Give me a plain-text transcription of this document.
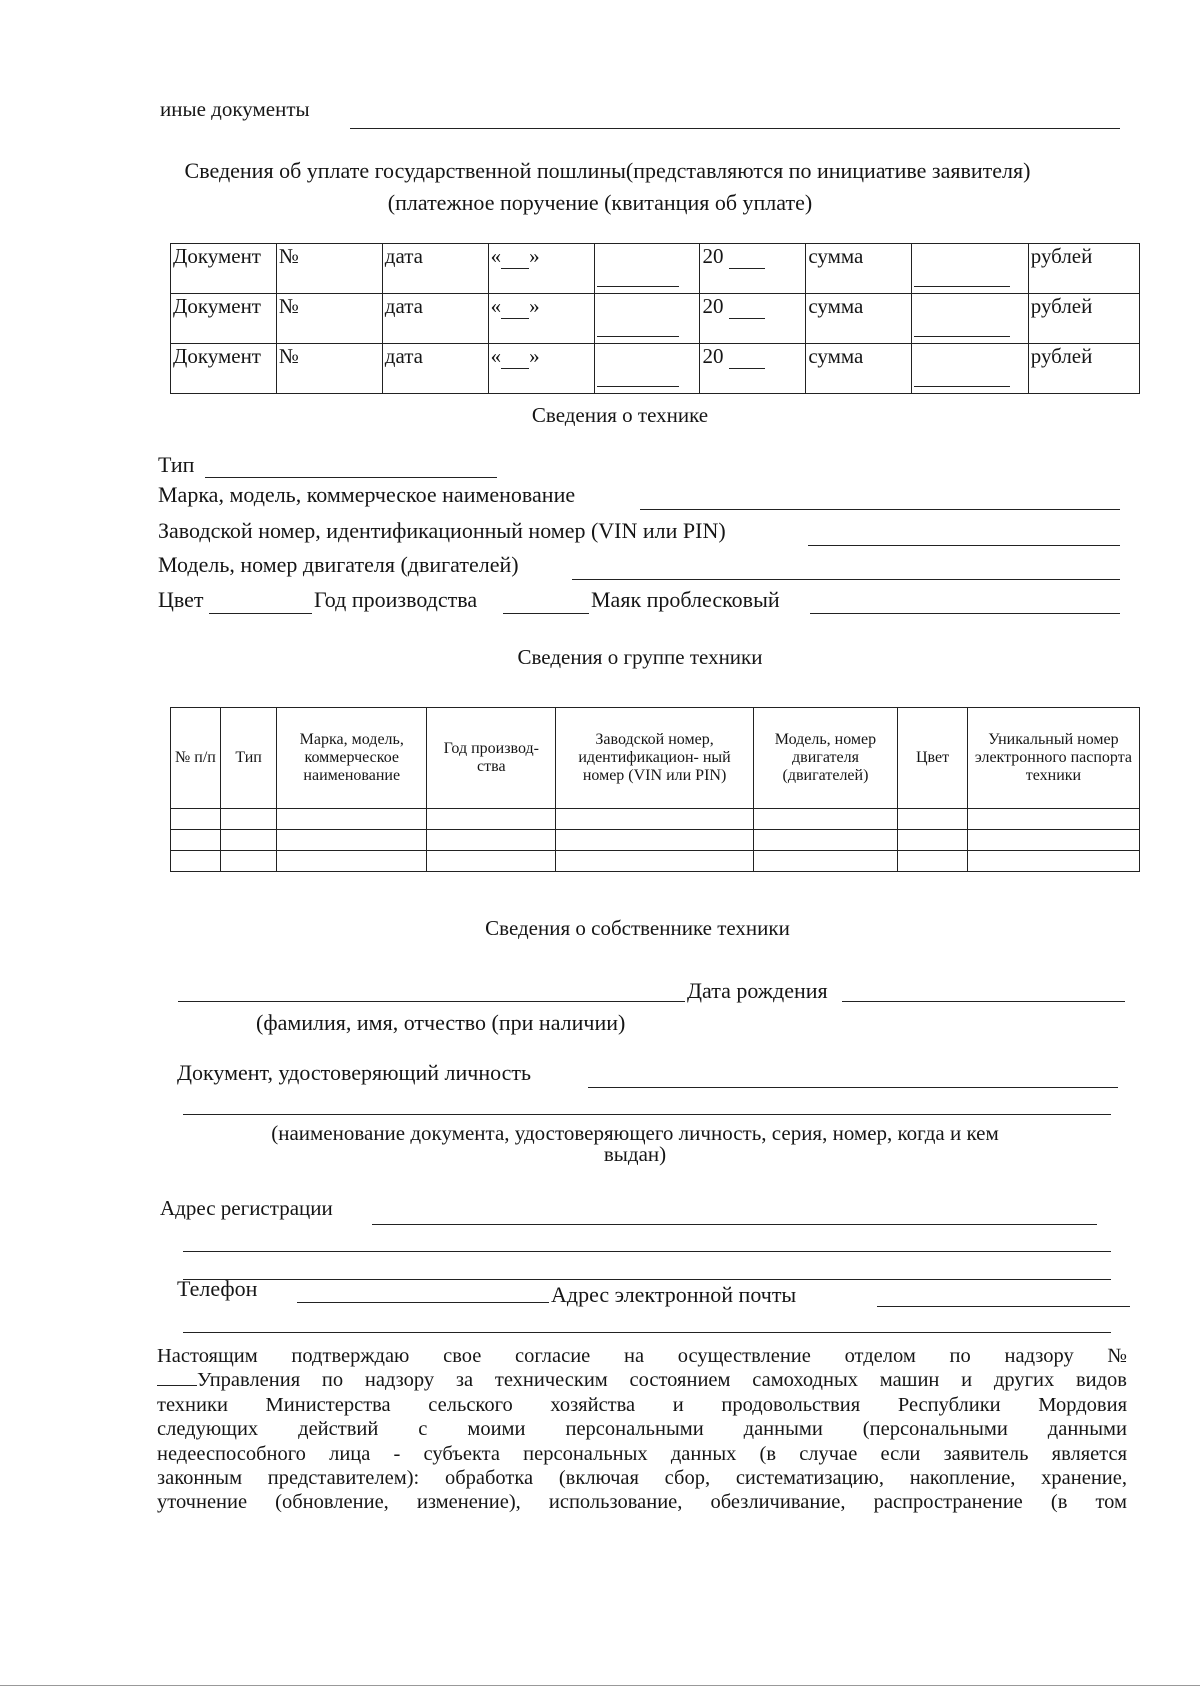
иные документы
Сведения об уплате государственной пошлины(представляются по инициативе заявителя)
(платежное поручение (квитанция об уплате)
Документ	№	дата	« »		20	сумма		рублей
Документ	№	дата	« »		20	сумма		рублей
Документ	№	дата	« »		20	сумма		рублей
Сведения о технике
Тип
Марка, модель, коммерческое наименование
Заводской номер, идентификационный номер (VIN или PIN)
Модель, номер двигателя (двигателей)
Цвет	Год производства	Маяк проблесковый
Сведения о группе техники
№ п/п	Тип	Марка, модель, коммерческое наименование	Год производ- ства	Заводской номер, идентификацион- ный номер (VIN или PIN)	Модель, номер двигателя (двигателей)	Цвет	Уникальный номер электронного паспорта техники

Сведения о собственнике техники
Дата рождения
(фамилия, имя, отчество (при наличии)
Документ, удостоверяющий личность
(наименование документа, удостоверяющего личность, серия, номер, когда и кем
выдан)
Адрес регистрации
Телефон	Адрес электронной почты
Настоящим подтверждаю свое согласие на осуществление отделом по надзору №
Управления по надзору за техническим состоянием самоходных машин и других видов
техники Министерства сельского хозяйства и продовольствия Республики Мордовия
следующих действий с моими персональными данными (персональными данными
недееспособного лица - субъекта персональных данных (в случае если заявитель является
законным представителем): обработка (включая сбор, систематизацию, накопление, хранение,
уточнение (обновление, изменение), использование, обезличивание, распространение (в том
